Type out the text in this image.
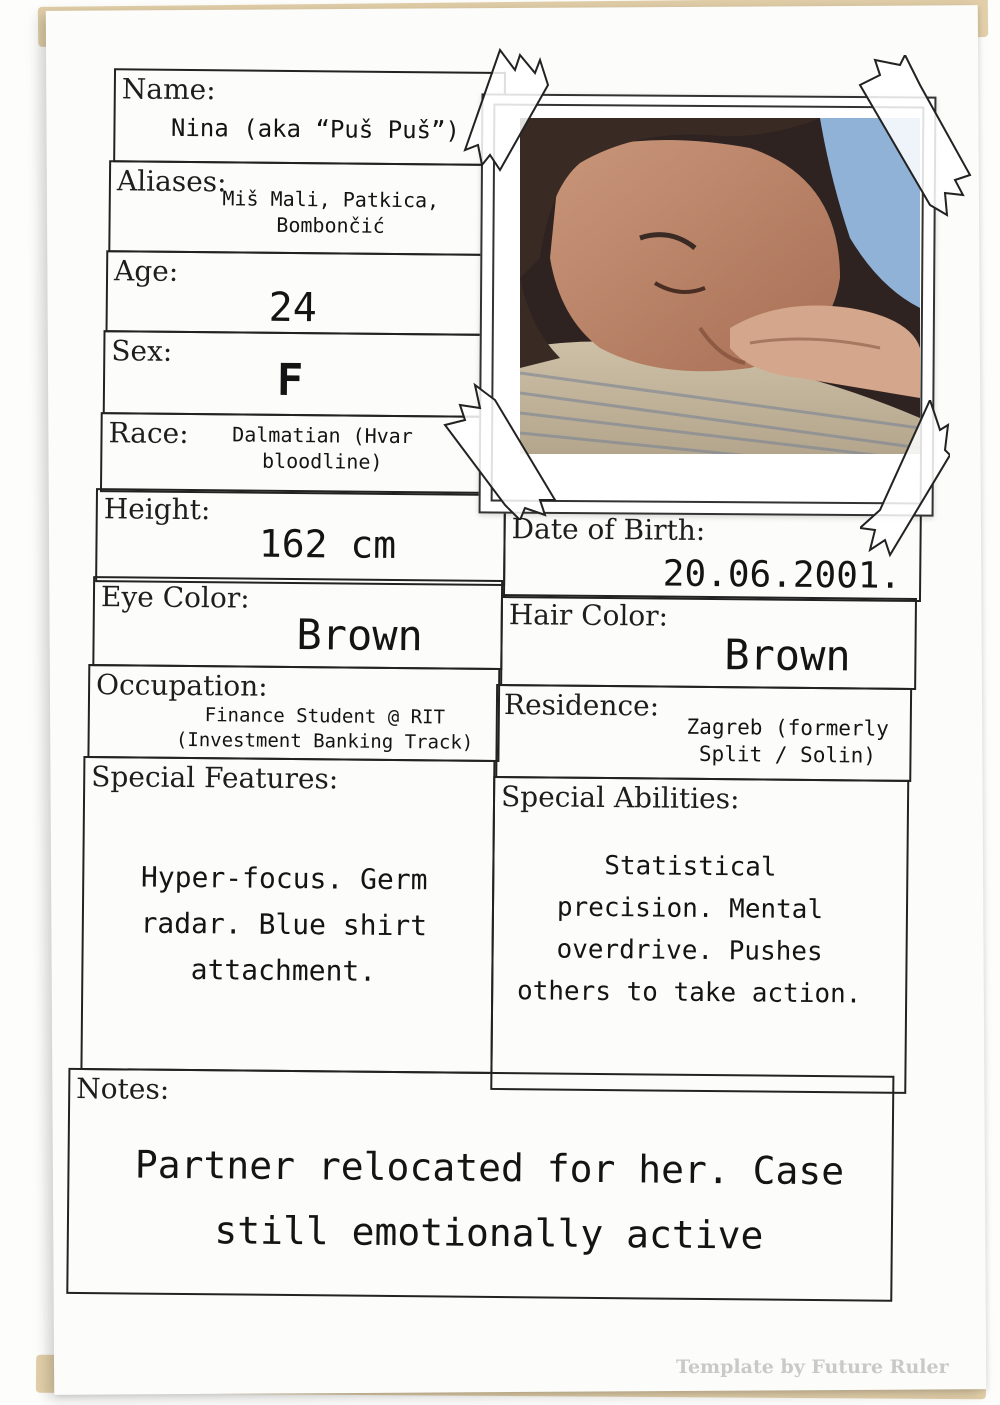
Name:
Nina (aka “Puš Puš”)
Aliases:
Miš Mali, Patkica,
Bombončić
Age:
24
Sex:
F
Race:	Dalmatian (Hvar
bloodline)
Height:
162 cm	Date of Birth:
20.06.2001.
Eye Color:
Brown	Hair Color:
Brown
Occupation:
Finance Student @ RIT
(Investment Banking Track)
Residence:
Zagreb (formerly
Split / Solin)
Special Features:
Hyper-focus. Germ
radar. Blue shirt
attachment.
Special Abilities:
Statistical
precision. Mental
overdrive. Pushes
others to take action.
Notes:
Partner relocated for her. Case
still emotionally active
Template by Future Ruler
